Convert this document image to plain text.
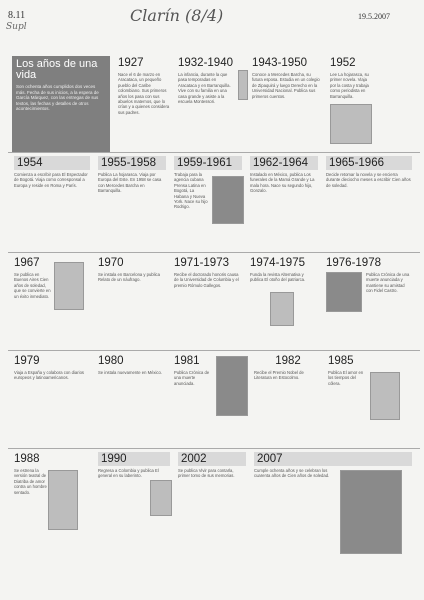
8.11
Supl
Clarín (8/4)	19.5.2007
Los años de una vida

Son ochenta años cumplidos dos veces más. Fecha de sus inicios, a la espera de García Márquez, con las entregas de sus textos, las fechas y detalles de otros acontecimientos.

1927
Nace el 6 de marzo en Aracataca, un pequeño pueblo del Caribe colombiano. Sus primeros años los pasa con sus abuelos maternos, que lo crían y a quienes considera sus padres.
1932-1940
La infancia, durante la que pasa temporadas en Aracataca y en Barranquilla. Vive con su familia en una casa grande y asiste a la escuela Montessori.
1943-1950
Conoce a Mercedes Barcha, su futura esposa. Estudia en un colegio de Zipaquirá y luego Derecho en la Universidad Nacional. Publica sus primeros cuentos.
1952
Lee La hojarasca, su primer novela. Viaja por la costa y trabaja como periodista en Barranquilla.
1954
Comienza a escribir para El Espectador de Bogotá. Viaja como corresponsal a Europa y reside en Roma y París.
1955-1958
Publica La hojarasca. Viaja por Europa del Este. En 1958 se casa con Mercedes Barcha en Barranquilla.
1959-1961
Trabaja para la agencia cubana Prensa Latina en Bogotá, La Habana y Nueva York. Nace su hijo Rodrigo.
1962-1964
Instalado en México, publica Los funerales de la Mamá Grande y La mala hora. Nace su segundo hijo, Gonzalo.
1965-1966
Decide retomar la novela y se encierra durante dieciocho meses a escribir Cien años de soledad.
1967
Se publica en Buenos Aires Cien años de soledad, que se convierte en un éxito inmediato.
1970
Se instala en Barcelona y publica Relato de un náufrago.
1971-1973
Recibe el doctorado honoris causa de la Universidad de Columbia y el premio Rómulo Gallegos.
1974-1975
Funda la revista Alternativa y publica El otoño del patriarca.
1976-1978
Publica Crónica de una muerte anunciada y mantiene su amistad con Fidel Castro.
1979
Viaja a España y colabora con diarios europeos y latinoamericanos.
1980
Se instala nuevamente en México.
1981
Publica Crónica de una muerte anunciada.
1982
Recibe el Premio Nobel de Literatura en Estocolmo.
1985
Publica El amor en los tiempos del cólera.
1988
Se estrena la versión teatral de Diatriba de amor contra un hombre sentado.
1990
Regresa a Colombia y publica El general en su laberinto.
2002
Se publica Vivir para contarla, primer tomo de sus memorias.
2007
Cumple ochenta años y se celebran los cuarenta años de Cien años de soledad.
